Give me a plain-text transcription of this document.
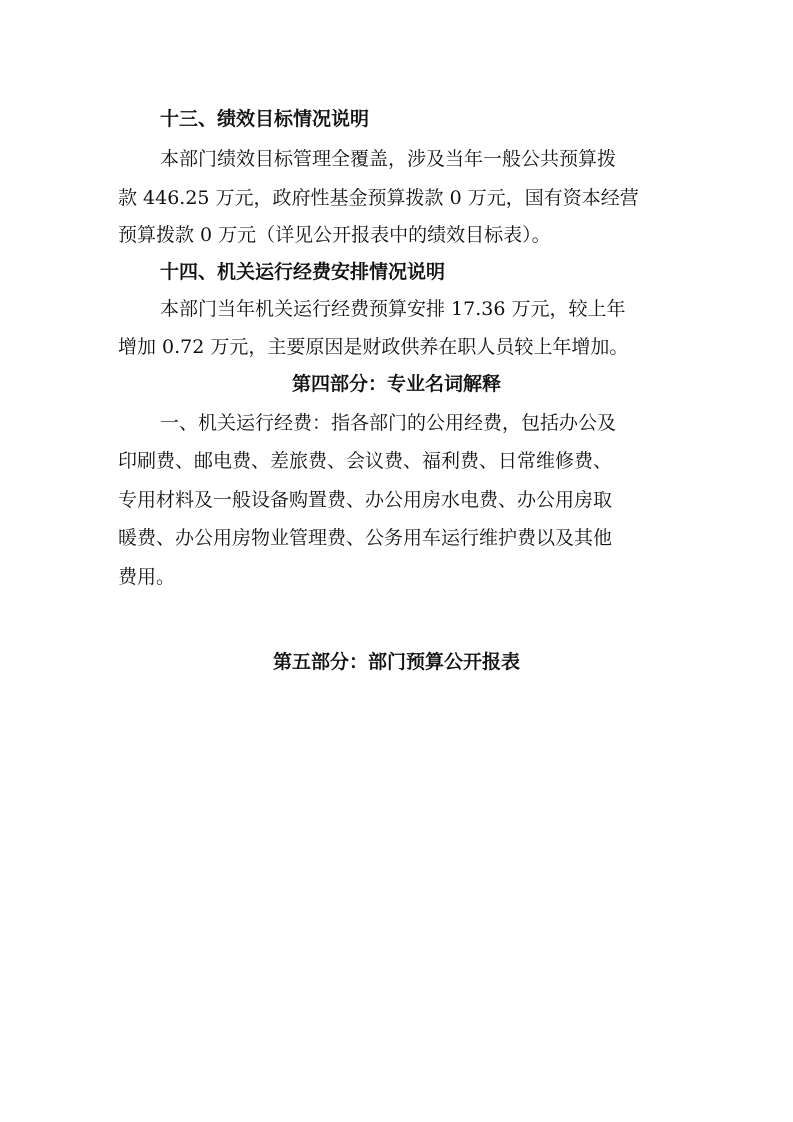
十三、绩效目标情况说明
本部门绩效目标管理全覆盖，涉及当年一般公共预算拨
款 446.25 万元，政府性基金预算拨款 0 万元，国有资本经营
预算拨款 0 万元（详见公开报表中的绩效目标表）。
十四、机关运行经费安排情况说明
本部门当年机关运行经费预算安排 17.36 万元，较上年
增加 0.72 万元，主要原因是财政供养在职人员较上年增加。
第四部分：专业名词解释
一、机关运行经费：指各部门的公用经费，包括办公及
印刷费、邮电费、差旅费、会议费、福利费、日常维修费、
专用材料及一般设备购置费、办公用房水电费、办公用房取
暖费、办公用房物业管理费、公务用车运行维护费以及其他
费用。
第五部分：部门预算公开报表
